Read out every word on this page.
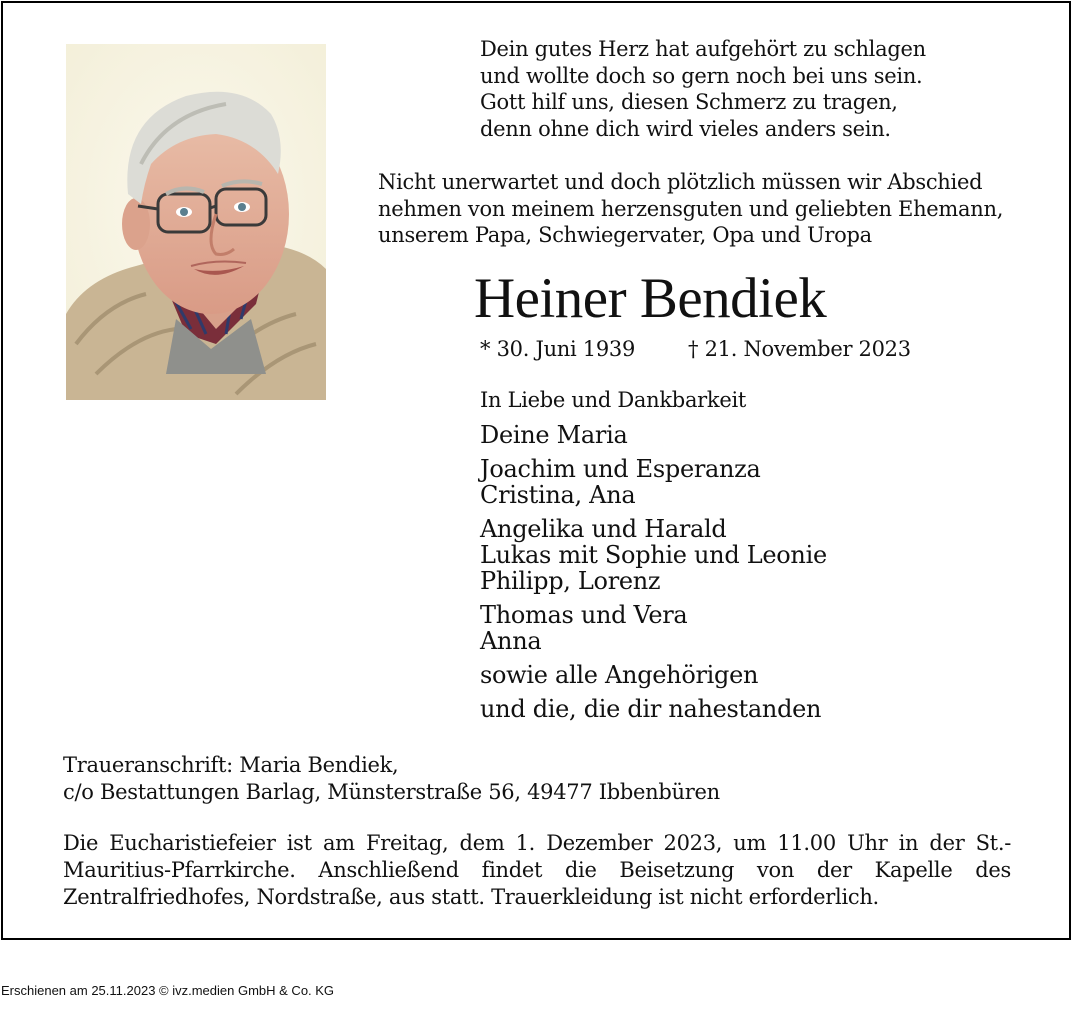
Dein gutes Herz hat aufgehört zu schlagen
und wollte doch so gern noch bei uns sein.
Gott hilf uns, diesen Schmerz zu tragen,
denn ohne dich wird vieles anders sein.
Nicht unerwartet und doch plötzlich müssen wir Abschied
nehmen von meinem herzensguten und geliebten Ehemann,
unserem Papa, Schwiegervater, Opa und Uropa
Heiner Bendiek
* 30. Juni 1939	† 21. November 2023
In Liebe und Dankbarkeit
Deine Maria
Joachim und Esperanza
Cristina, Ana
Angelika und Harald
Lukas mit Sophie und Leonie
Philipp, Lorenz
Thomas und Vera
Anna
sowie alle Angehörigen
und die, die dir nahestanden
Traueranschrift: Maria Bendiek,
c/o Bestattungen Barlag, Münsterstraße 56, 49477 Ibbenbüren
Die Eucharistiefeier ist am Freitag, dem 1. Dezember 2023, um 11.00 Uhr in der St.-Mauritius-Pfarrkirche. Anschließend findet die Beisetzung von der Kapelle des Zentralfriedhofes, Nordstraße, aus statt. Trauerkleidung ist nicht erforderlich.
Erschienen am 25.11.2023 © ivz.medien GmbH & Co. KG
